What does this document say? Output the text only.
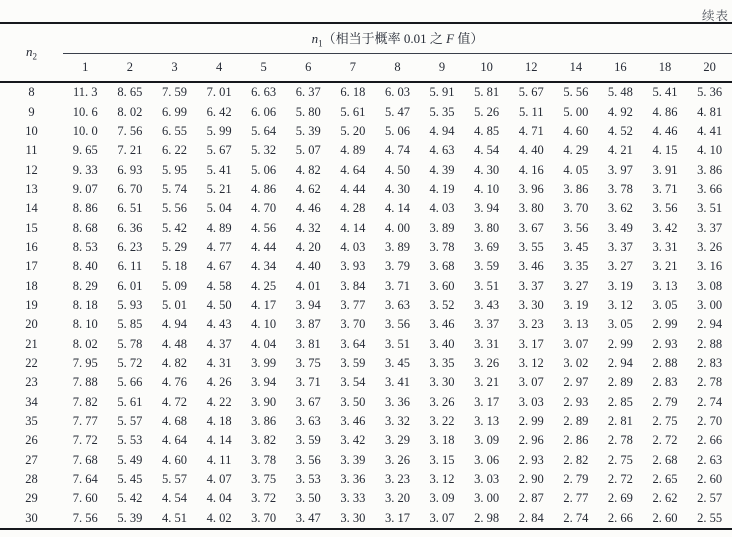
续表
$n_2$	$n_1$（相当于概率 0.01 之 F 值）														
	1	2	3	4	5	6	7	8	9	10	12	14	16	18	20
8	11. 3	8. 65	7. 59	7. 01	6. 63	6. 37	6. 18	6. 03	5. 91	5. 81	5. 67	5. 56	5. 48	5. 41	5. 36
9	10. 6	8. 02	6. 99	6. 42	6. 06	5. 80	5. 61	5. 47	5. 35	5. 26	5. 11	5. 00	4. 92	4. 86	4. 81
10	10. 0	7. 56	6. 55	5. 99	5. 64	5. 39	5. 20	5. 06	4. 94	4. 85	4. 71	4. 60	4. 52	4. 46	4. 41
11	9. 65	7. 21	6. 22	5. 67	5. 32	5. 07	4. 89	4. 74	4. 63	4. 54	4. 40	4. 29	4. 21	4. 15	4. 10
12	9. 33	6. 93	5. 95	5. 41	5. 06	4. 82	4. 64	4. 50	4. 39	4. 30	4. 16	4. 05	3. 97	3. 91	3. 86
13	9. 07	6. 70	5. 74	5. 21	4. 86	4. 62	4. 44	4. 30	4. 19	4. 10	3. 96	3. 86	3. 78	3. 71	3. 66
14	8. 86	6. 51	5. 56	5. 04	4. 70	4. 46	4. 28	4. 14	4. 03	3. 94	3. 80	3. 70	3. 62	3. 56	3. 51
15	8. 68	6. 36	5. 42	4. 89	4. 56	4. 32	4. 14	4. 00	3. 89	3. 80	3. 67	3. 56	3. 49	3. 42	3. 37
16	8. 53	6. 23	5. 29	4. 77	4. 44	4. 20	4. 03	3. 89	3. 78	3. 69	3. 55	3. 45	3. 37	3. 31	3. 26
17	8. 40	6. 11	5. 18	4. 67	4. 34	4. 40	3. 93	3. 79	3. 68	3. 59	3. 46	3. 35	3. 27	3. 21	3. 16
18	8. 29	6. 01	5. 09	4. 58	4. 25	4. 01	3. 84	3. 71	3. 60	3. 51	3. 37	3. 27	3. 19	3. 13	3. 08
19	8. 18	5. 93	5. 01	4. 50	4. 17	3. 94	3. 77	3. 63	3. 52	3. 43	3. 30	3. 19	3. 12	3. 05	3. 00
20	8. 10	5. 85	4. 94	4. 43	4. 10	3. 87	3. 70	3. 56	3. 46	3. 37	3. 23	3. 13	3. 05	2. 99	2. 94
21	8. 02	5. 78	4. 48	4. 37	4. 04	3. 81	3. 64	3. 51	3. 40	3. 31	3. 17	3. 07	2. 99	2. 93	2. 88
22	7. 95	5. 72	4. 82	4. 31	3. 99	3. 75	3. 59	3. 45	3. 35	3. 26	3. 12	3. 02	2. 94	2. 88	2. 83
23	7. 88	5. 66	4. 76	4. 26	3. 94	3. 71	3. 54	3. 41	3. 30	3. 21	3. 07	2. 97	2. 89	2. 83	2. 78
34	7. 82	5. 61	4. 72	4. 22	3. 90	3. 67	3. 50	3. 36	3. 26	3. 17	3. 03	2. 93	2. 85	2. 79	2. 74
35	7. 77	5. 57	4. 68	4. 18	3. 86	3. 63	3. 46	3. 32	3. 22	3. 13	2. 99	2. 89	2. 81	2. 75	2. 70
26	7. 72	5. 53	4. 64	4. 14	3. 82	3. 59	3. 42	3. 29	3. 18	3. 09	2. 96	2. 86	2. 78	2. 72	2. 66
27	7. 68	5. 49	4. 60	4. 11	3. 78	3. 56	3. 39	3. 26	3. 15	3. 06	2. 93	2. 82	2. 75	2. 68	2. 63
28	7. 64	5. 45	5. 57	4. 07	3. 75	3. 53	3. 36	3. 23	3. 12	3. 03	2. 90	2. 79	2. 72	2. 65	2. 60
29	7. 60	5. 42	4. 54	4. 04	3. 72	3. 50	3. 33	3. 20	3. 09	3. 00	2. 87	2. 77	2. 69	2. 62	2. 57
30	7. 56	5. 39	4. 51	4. 02	3. 70	3. 47	3. 30	3. 17	3. 07	2. 98	2. 84	2. 74	2. 66	2. 60	2. 55
